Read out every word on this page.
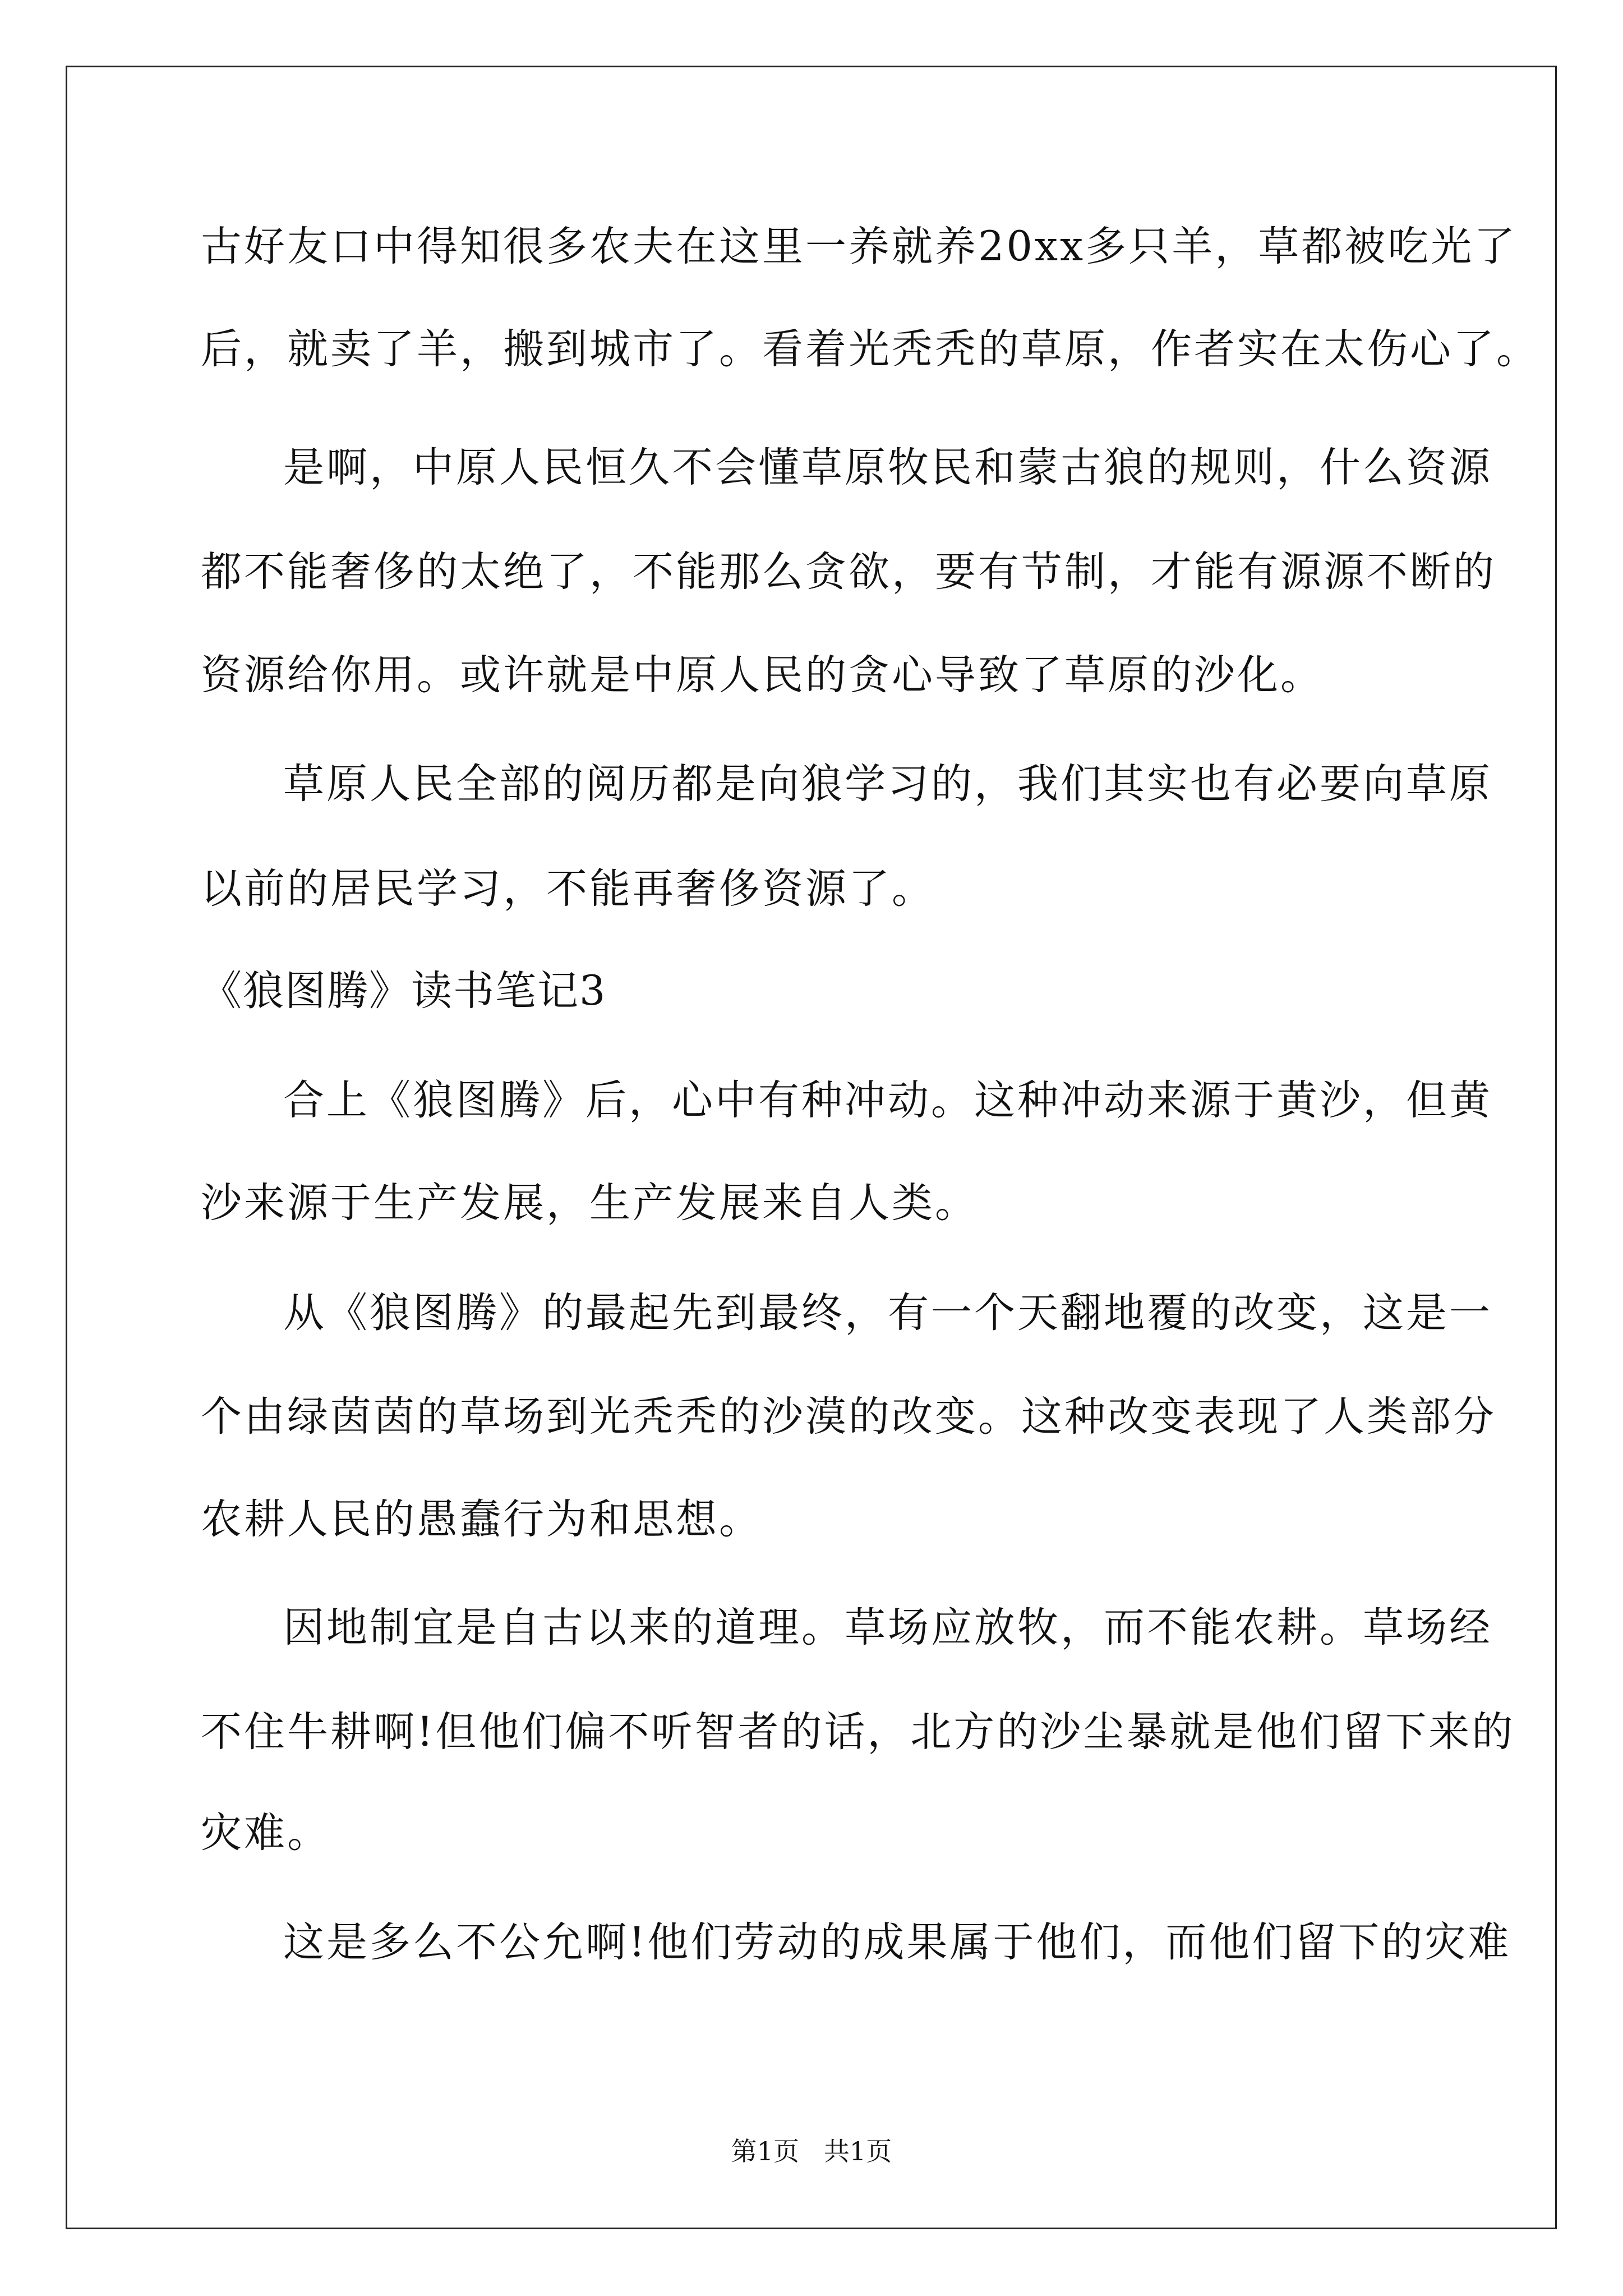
古好友口中得知很多农夫在这里一养就养20xx多只羊，草都被吃光了
后，就卖了羊，搬到城市了。看着光秃秃的草原，作者实在太伤心了。
是啊，中原人民恒久不会懂草原牧民和蒙古狼的规则，什么资源
都不能奢侈的太绝了，不能那么贪欲，要有节制，才能有源源不断的
资源给你用。或许就是中原人民的贪心导致了草原的沙化。
草原人民全部的阅历都是向狼学习的，我们其实也有必要向草原
以前的居民学习，不能再奢侈资源了。
《狼图腾》读书笔记3
合上《狼图腾》后，心中有种冲动。这种冲动来源于黄沙，但黄
沙来源于生产发展，生产发展来自人类。
从《狼图腾》的最起先到最终，有一个天翻地覆的改变，这是一
个由绿茵茵的草场到光秃秃的沙漠的改变。这种改变表现了人类部分
农耕人民的愚蠢行为和思想。
因地制宜是自古以来的道理。草场应放牧，而不能农耕。草场经
不住牛耕啊!但他们偏不听智者的话，北方的沙尘暴就是他们留下来的
灾难。
这是多么不公允啊!他们劳动的成果属于他们，而他们留下的灾难
第1页   共1页
